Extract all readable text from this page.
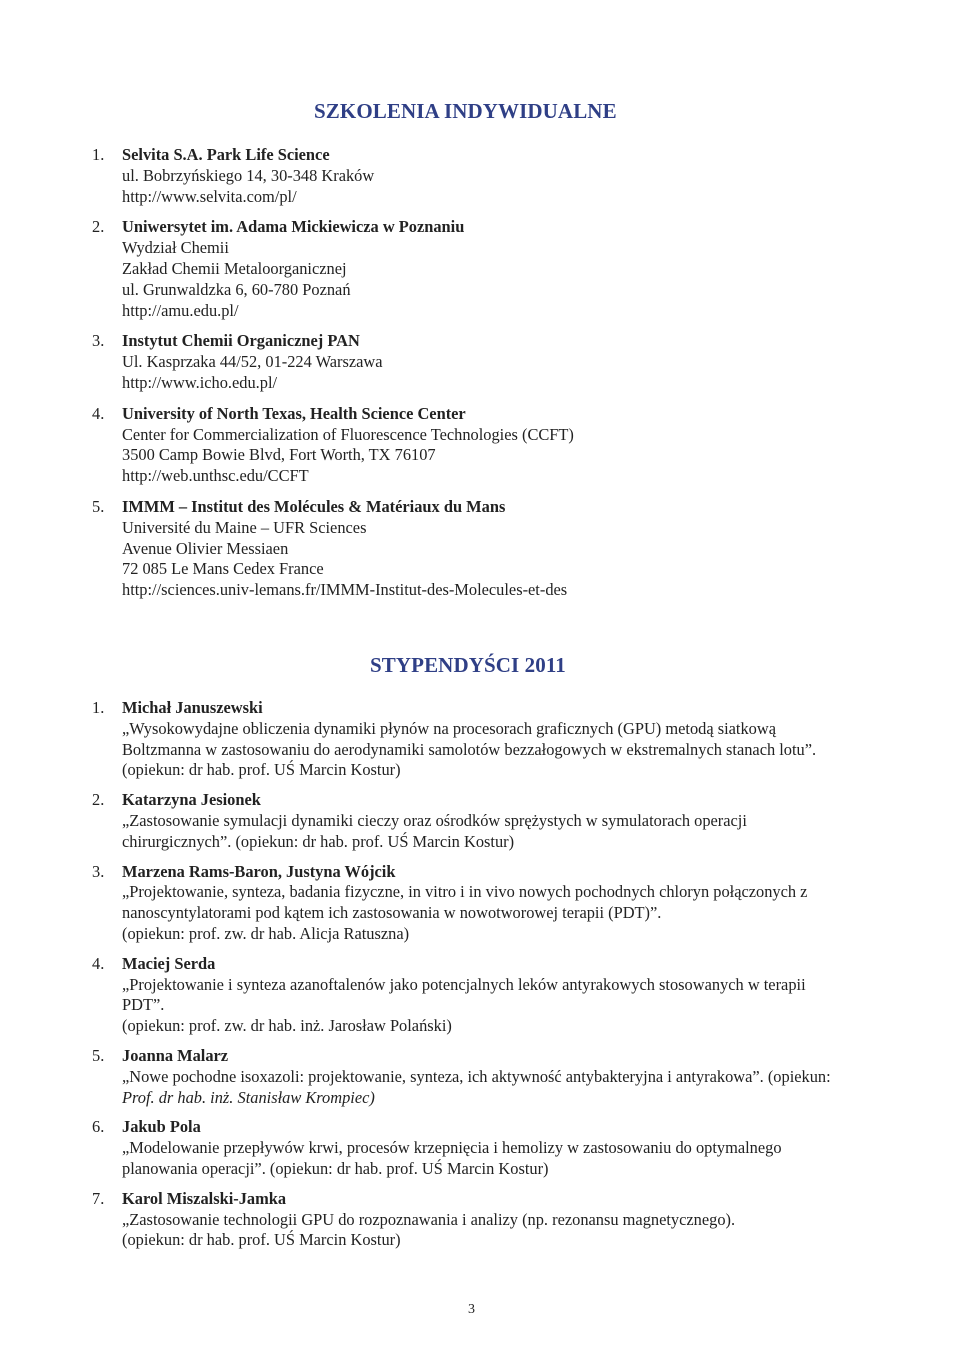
SZKOLENIA INDYWIDUALNE
1. Selvita S.A. Park Life Science
ul. Bobrzyńskiego 14, 30-348 Kraków
http://www.selvita.com/pl/
2. Uniwersytet im. Adama Mickiewicza w Poznaniu
Wydział Chemii
Zakład Chemii Metaloorganicznej
ul. Grunwaldzka 6, 60-780 Poznań
http://amu.edu.pl/
3. Instytut Chemii Organicznej PAN
Ul. Kasprzaka 44/52, 01-224 Warszawa
http://www.icho.edu.pl/
4. University of North Texas, Health Science Center
Center for Commercialization of Fluorescence Technologies (CCFT)
3500 Camp Bowie Blvd, Fort Worth, TX 76107
http://web.unthsc.edu/CCFT
5. IMMM – Institut des Molécules & Matériaux du Mans
Université du Maine – UFR Sciences
Avenue Olivier Messiaen
72 085 Le Mans Cedex France
http://sciences.univ-lemans.fr/IMMM-Institut-des-Molecules-et-des
STYPENDYŚCI 2011
1. Michał Januszewski
„Wysokowydajne obliczenia dynamiki płynów na procesorach graficznych (GPU) metodą siatkową Boltzmanna w zastosowaniu do aerodynamiki samolotów bezzałogowych w ekstremalnych stanach lotu”. (opiekun: dr hab. prof. UŚ Marcin Kostur)
2. Katarzyna Jesionek
„Zastosowanie symulacji dynamiki cieczy oraz ośrodków sprężystych w symulatorach operacji chirurgicznych”. (opiekun: dr hab. prof. UŚ Marcin Kostur)
3. Marzena Rams-Baron, Justyna Wójcik
„Projektowanie, synteza, badania fizyczne, in vitro i in vivo nowych pochodnych chloryn połączonych z nanoscyntylatorami pod kątem ich zastosowania w nowotworowej terapii (PDT)”.
(opiekun: prof. zw. dr hab. Alicja Ratuszna)
4. Maciej Serda
„Projektowanie i synteza azanoftalenów jako potencjalnych leków antyrakowych stosowanych w terapii PDT”.
(opiekun: prof. zw. dr hab. inż. Jarosław Polański)
5. Joanna Malarz
„Nowe pochodne isoxazoli: projektowanie, synteza, ich aktywność antybakteryjna i antyrakowa”. (opiekun: Prof. dr hab. inż. Stanisław Krompiec)
6. Jakub Pola
„Modelowanie przepływów krwi, procesów krzepnięcia i hemolizy w zastosowaniu do optymalnego planowania operacji”. (opiekun: dr hab. prof. UŚ Marcin Kostur)
7. Karol Miszalski-Jamka
„Zastosowanie technologii GPU do rozpoznawania i analizy (np. rezonansu magnetycznego).
(opiekun: dr hab. prof. UŚ Marcin Kostur)

3
